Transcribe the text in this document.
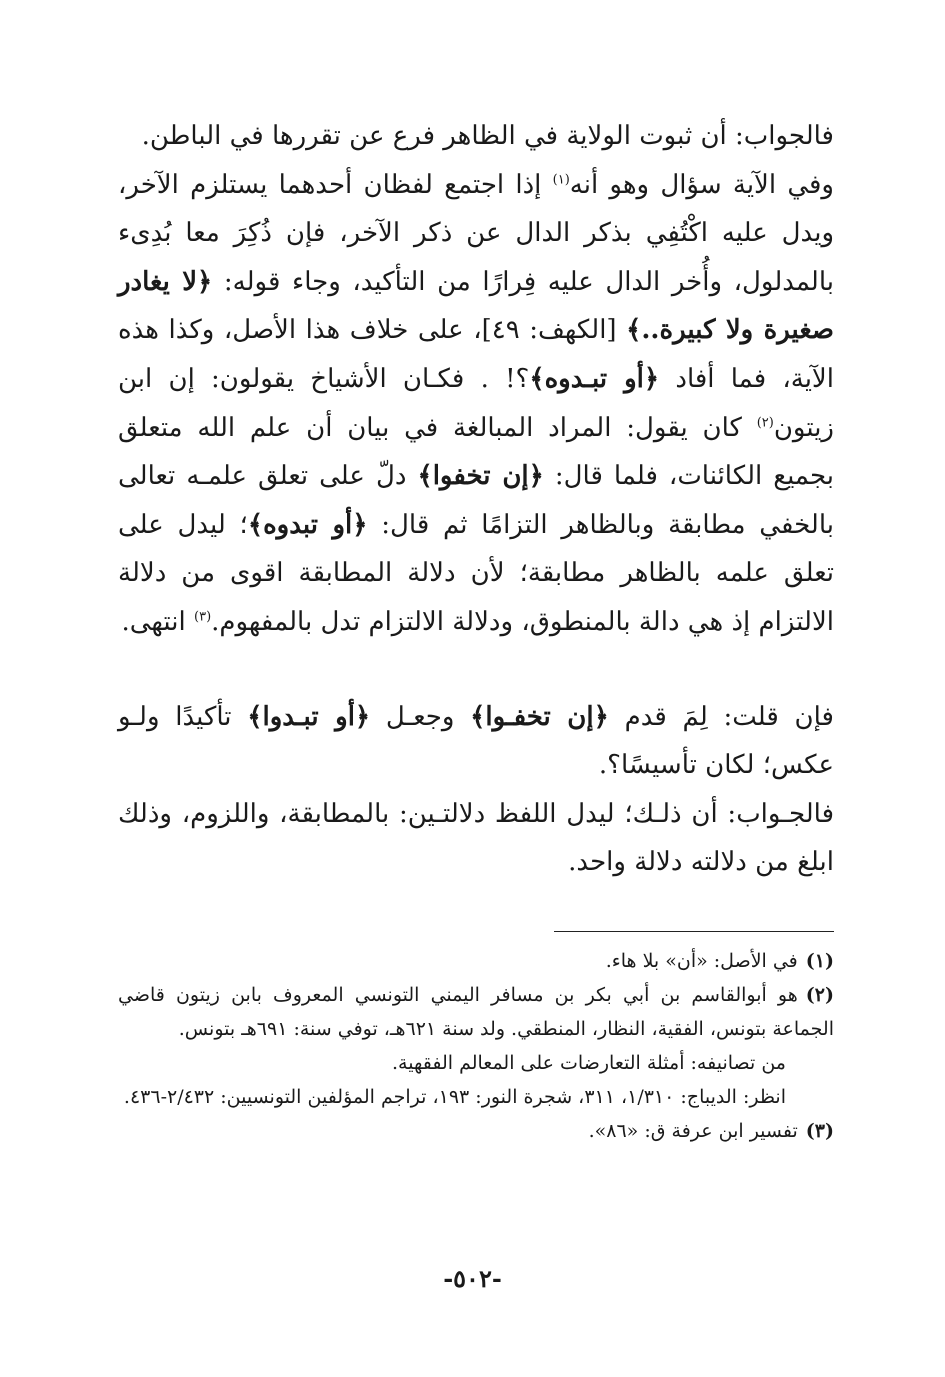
فالجواب: أن ثبوت الولاية في الظاهر فرع عن تقررها في الباطن.

وفي الآية سؤال وهو أنه$^{(١)}$ إذا اجتمع لفظان أحدهما يستلزم الآخر، ويدل عليه اكْتُفِي بذكر الدال عن ذكر الآخر، فإن ذُكِرَ معا بُدِىء بالمدلول، وأُخر الدال عليه فِرارًا من التأكيد، وجاء قوله: ﴿لا يغادر صغيرة ولا كبيرة..﴾ [الكهف: ٤٩]، على خلاف هذا الأصل، وكذا هذه الآية، فما أفاد ﴿أو تبـدوه﴾؟! . فكـان الأشياخ يقولون: إن ابن زيتون$^{(٢)}$ كان يقول: المراد المبالغة في بيان أن علم الله متعلق بجميع الكائنات، فلما قال: ﴿إن تخفوا﴾ دلّ على تعلق علمـه تعالى بالخفي مطابقة وبالظاهر التزامًا ثم قال: ﴿أو تبدوه﴾؛ ليدل على تعلق علمه بالظاهر مطابقة؛ لأن دلالة المطابقة اقوى من دلالة الالتزام إذ هي دالة بالمنطوق، ودلالة الالتزام تدل بالمفهوم.$^{(٣)}$ انتهى.

فإن قلت: لِمَ قدم ﴿إن تخفـوا﴾ وجعـل ﴿أو تبـدوا﴾ تأكيدًا ولـو عكس؛ لكان تأسيسًا؟.

فالجـواب: أن ذلـك؛ ليدل اللفظ دلالتـين: بالمطابقة، واللزوم، وذلك ابلغ من دلالته دلالة واحد.

(١)في الأصل: «أن» بلا هاء.

(٢)هو أبوالقاسم بن أبي بكر بن مسافر اليمني التونسي المعروف بابن زيتون قاضي الجماعة بتونس، الفقية، النظار، المنطقي. ولد سنة ٦٢١هـ، توفي سنة: ٦٩١هـ بتونس.

من تصانيفه: أمثلة التعارضات على المعالم الفقهية.

انظر: الديباج: ١/٣١٠، ٣١١، شجرة النور: ١٩٣، تراجم المؤلفين التونسيين: ٢/٤٣٢-٤٣٦.

(٣)تفسير ابن عرفة ق: «٨٦».

-٥٠٢-
